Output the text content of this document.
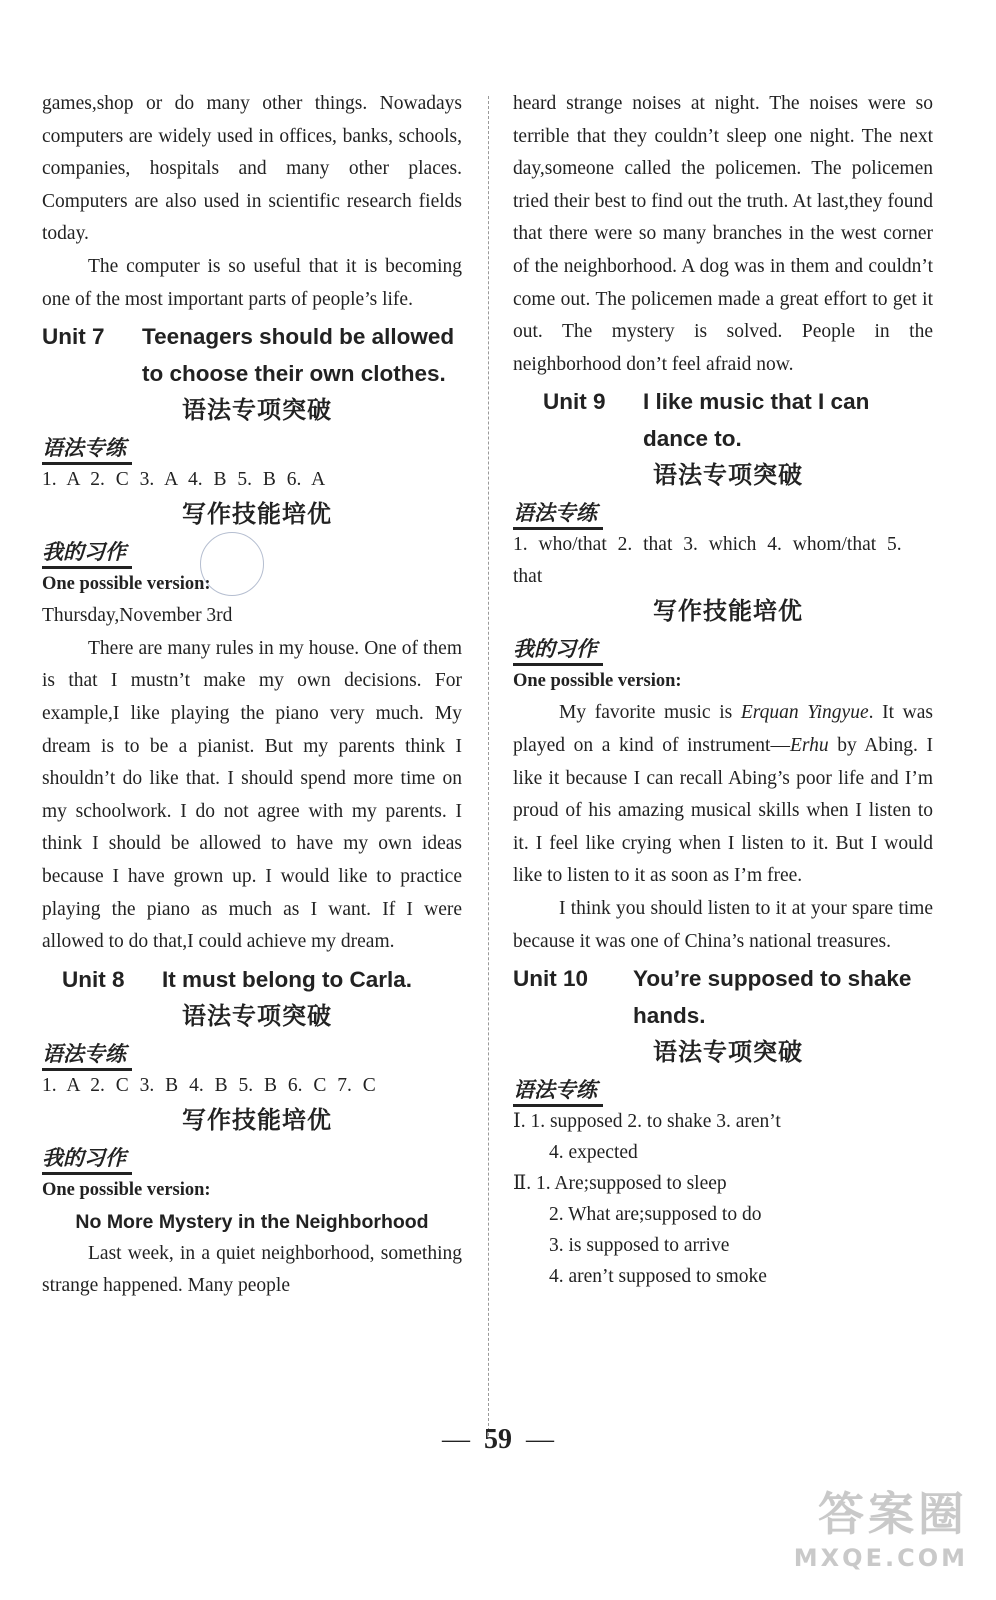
games,shop or do many other things. Nowadays computers are widely used in offices, banks, schools, companies, hospitals and many other places. Computers are also used in scientific research fields today.

The computer is so useful that it is becoming one of the most important parts of people’s life.

Unit 7	Teenagers should be allowed to choose their own clothes.
语法专项突破
语法专练
1. A 2. C 3. A 4. B 5. B 6. A
写作技能培优
我的习作
One possible version:

Thursday,November 3rd

There are many rules in my house. One of them is that I mustn’t make my own decisions. For example,I like playing the piano very much. My dream is to be a pianist. But my parents think I shouldn’t do like that. I should spend more time on my schoolwork. I do not agree with my parents. I think I should be allowed to have my own ideas because I have grown up. I would like to practice playing the piano as much as I want. If I were allowed to do that,I could achieve my dream.

Unit 8	It must belong to Carla.
语法专项突破
语法专练
1. A 2. C 3. B 4. B 5. B 6. C 7. C
写作技能培优
我的习作
One possible version:
No More Mystery in the Neighborhood

Last week, in a quiet neighborhood, something strange happened. Many people

heard strange noises at night. The noises were so terrible that they couldn’t sleep one night. The next day,someone called the policemen. The policemen tried their best to find out the truth. At last,they found that there were so many branches in the west corner of the neighborhood. A dog was in them and couldn’t come out. The policemen made a great effort to get it out. The mystery is solved. People in the neighborhood don’t feel afraid now.

Unit 9	I like music that I can dance to.
语法专项突破
语法专练
1. who/that 2. that 3. which 4. whom/that 5. that
写作技能培优
我的习作
One possible version:

My favorite music is Erquan Yingyue. It was played on a kind of instrument—Erhu by Abing. I like it because I can recall Abing’s poor life and I’m proud of his amazing musical skills when I listen to it. I feel like crying when I listen to it. But I would like to listen to it as soon as I’m free.

I think you should listen to it at your spare time because it was one of China’s national treasures.

Unit 10	You’re supposed to shake hands.
语法专项突破
语法专练
Ⅰ. 1. supposed 2. to shake 3. aren’t
4. expected
Ⅱ. 1. Are;supposed to sleep
2. What are;supposed to do
3. is supposed to arrive
4. aren’t supposed to smoke
— 59 —
答案圈
MXQE.COM
